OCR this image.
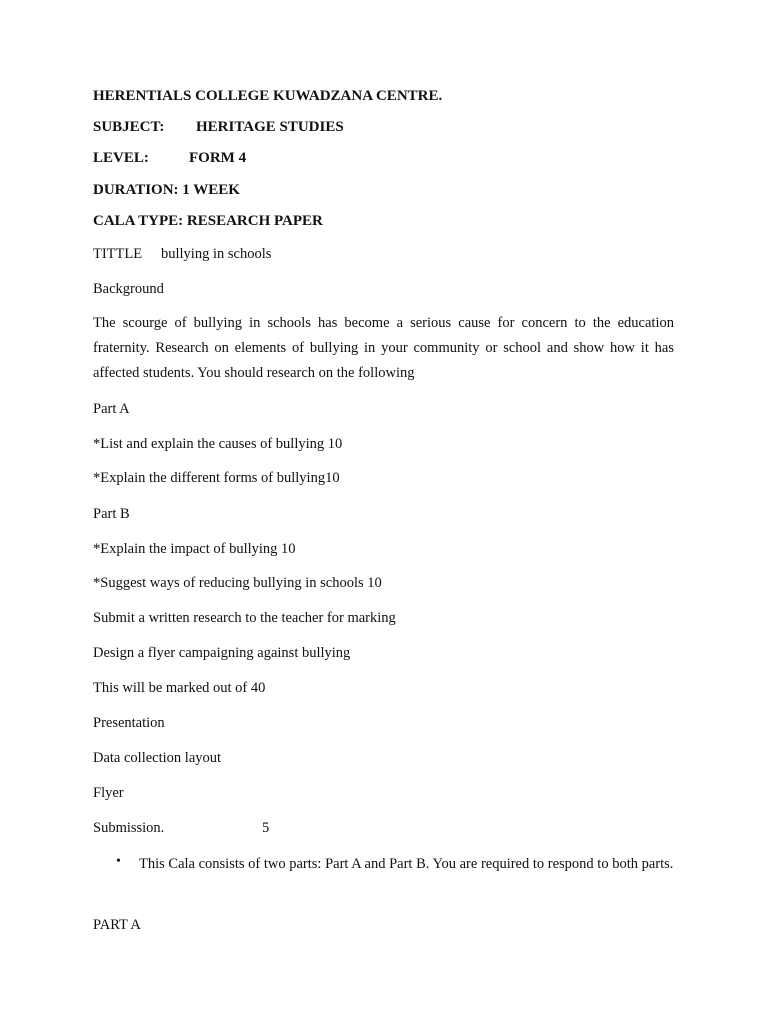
HERENTIALS COLLEGE KUWADZANA CENTRE.
SUBJECT: HERITAGE STUDIES
LEVEL:	FORM 4
DURATION: 1 WEEK
CALA TYPE: RESEARCH PAPER
TITTLE bullying in schools
Background
The scourge of bullying in schools has become a serious cause for concern to the education fraternity. Research on elements of bullying in your community or school and show how it has affected students. You should research on the following
Part A
*List and explain the causes of bullying 10
*Explain the different forms of bullying10
Part B
*Explain the impact of bullying 10
*Suggest ways of reducing bullying in schools 10
Submit a written research to the teacher for marking
Design a flyer campaigning against bullying
This will be marked out of 40
Presentation
Data collection layout
Flyer
Submission.	5
• This Cala consists of two parts: Part A and Part B. You are required to respond to both parts.
PART A
